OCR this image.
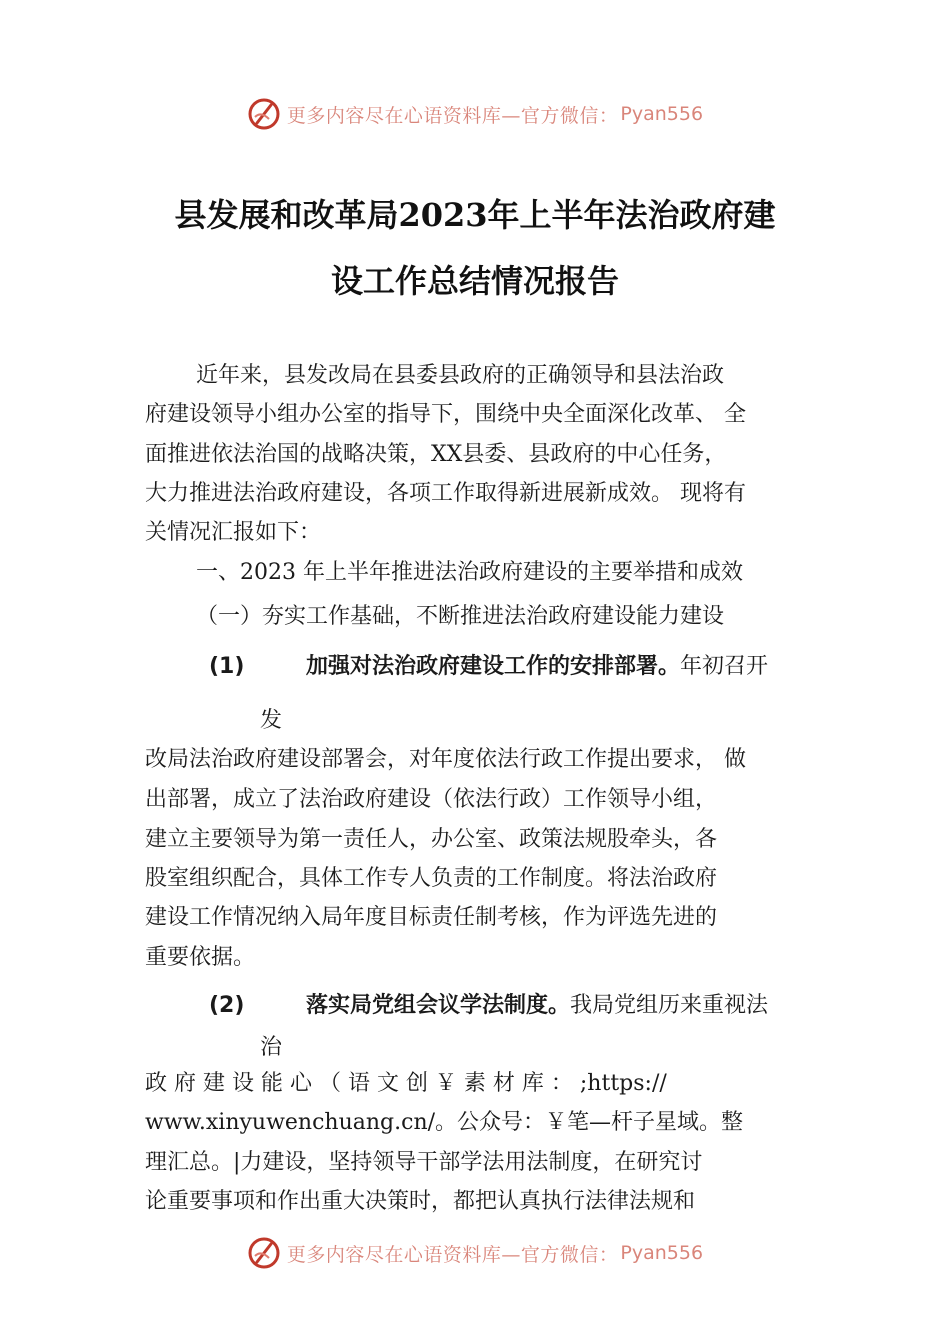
更多内容尽在心语资料库—官方微信： Pyan556
县发展和改革局2023年上半年法治政府建
设工作总结情况报告
近年来，县发改局在县委县政府的正确领导和县法治政
府建设领导小组办公室的指导下，围绕中央全面深化改革、 全
面推进依法治国的战略决策，XX县委、县政府的中心任务，
大力推进法治政府建设，各项工作取得新进展新成效。 现将有
关情况汇报如下：
一、2023 年上半年推进法治政府建设的主要举措和成效
（一）夯实工作基础，不断推进法治政府建设能力建设
(1)	加强对法治政府建设工作的安排部署。年初召开
发
改局法治政府建设部署会，对年度依法行政工作提出要求， 做
出部署，成立了法治政府建设（依法行政）工作领导小组，
建立主要领导为第一责任人，办公室、政策法规股牵头，各
股室组织配合，具体工作专人负责的工作制度。将法治政府
建设工作情况纳入局年度目标责任制考核，作为评选先进的
重要依据。
(2)	落实局党组会议学法制度。我局党组历来重视法
治
政 府 建 设 能 心 （ 语 文 创 ￥ 素 材 库 ： ;https://
www.xinyuwenchuang.cn/。公众号：￥笔—杆子星域。整
理汇总。|力建设，坚持领导干部学法用法制度，在研究讨
论重要事项和作出重大决策时，都把认真执行法律法规和
更多内容尽在心语资料库—官方微信： Pyan556
